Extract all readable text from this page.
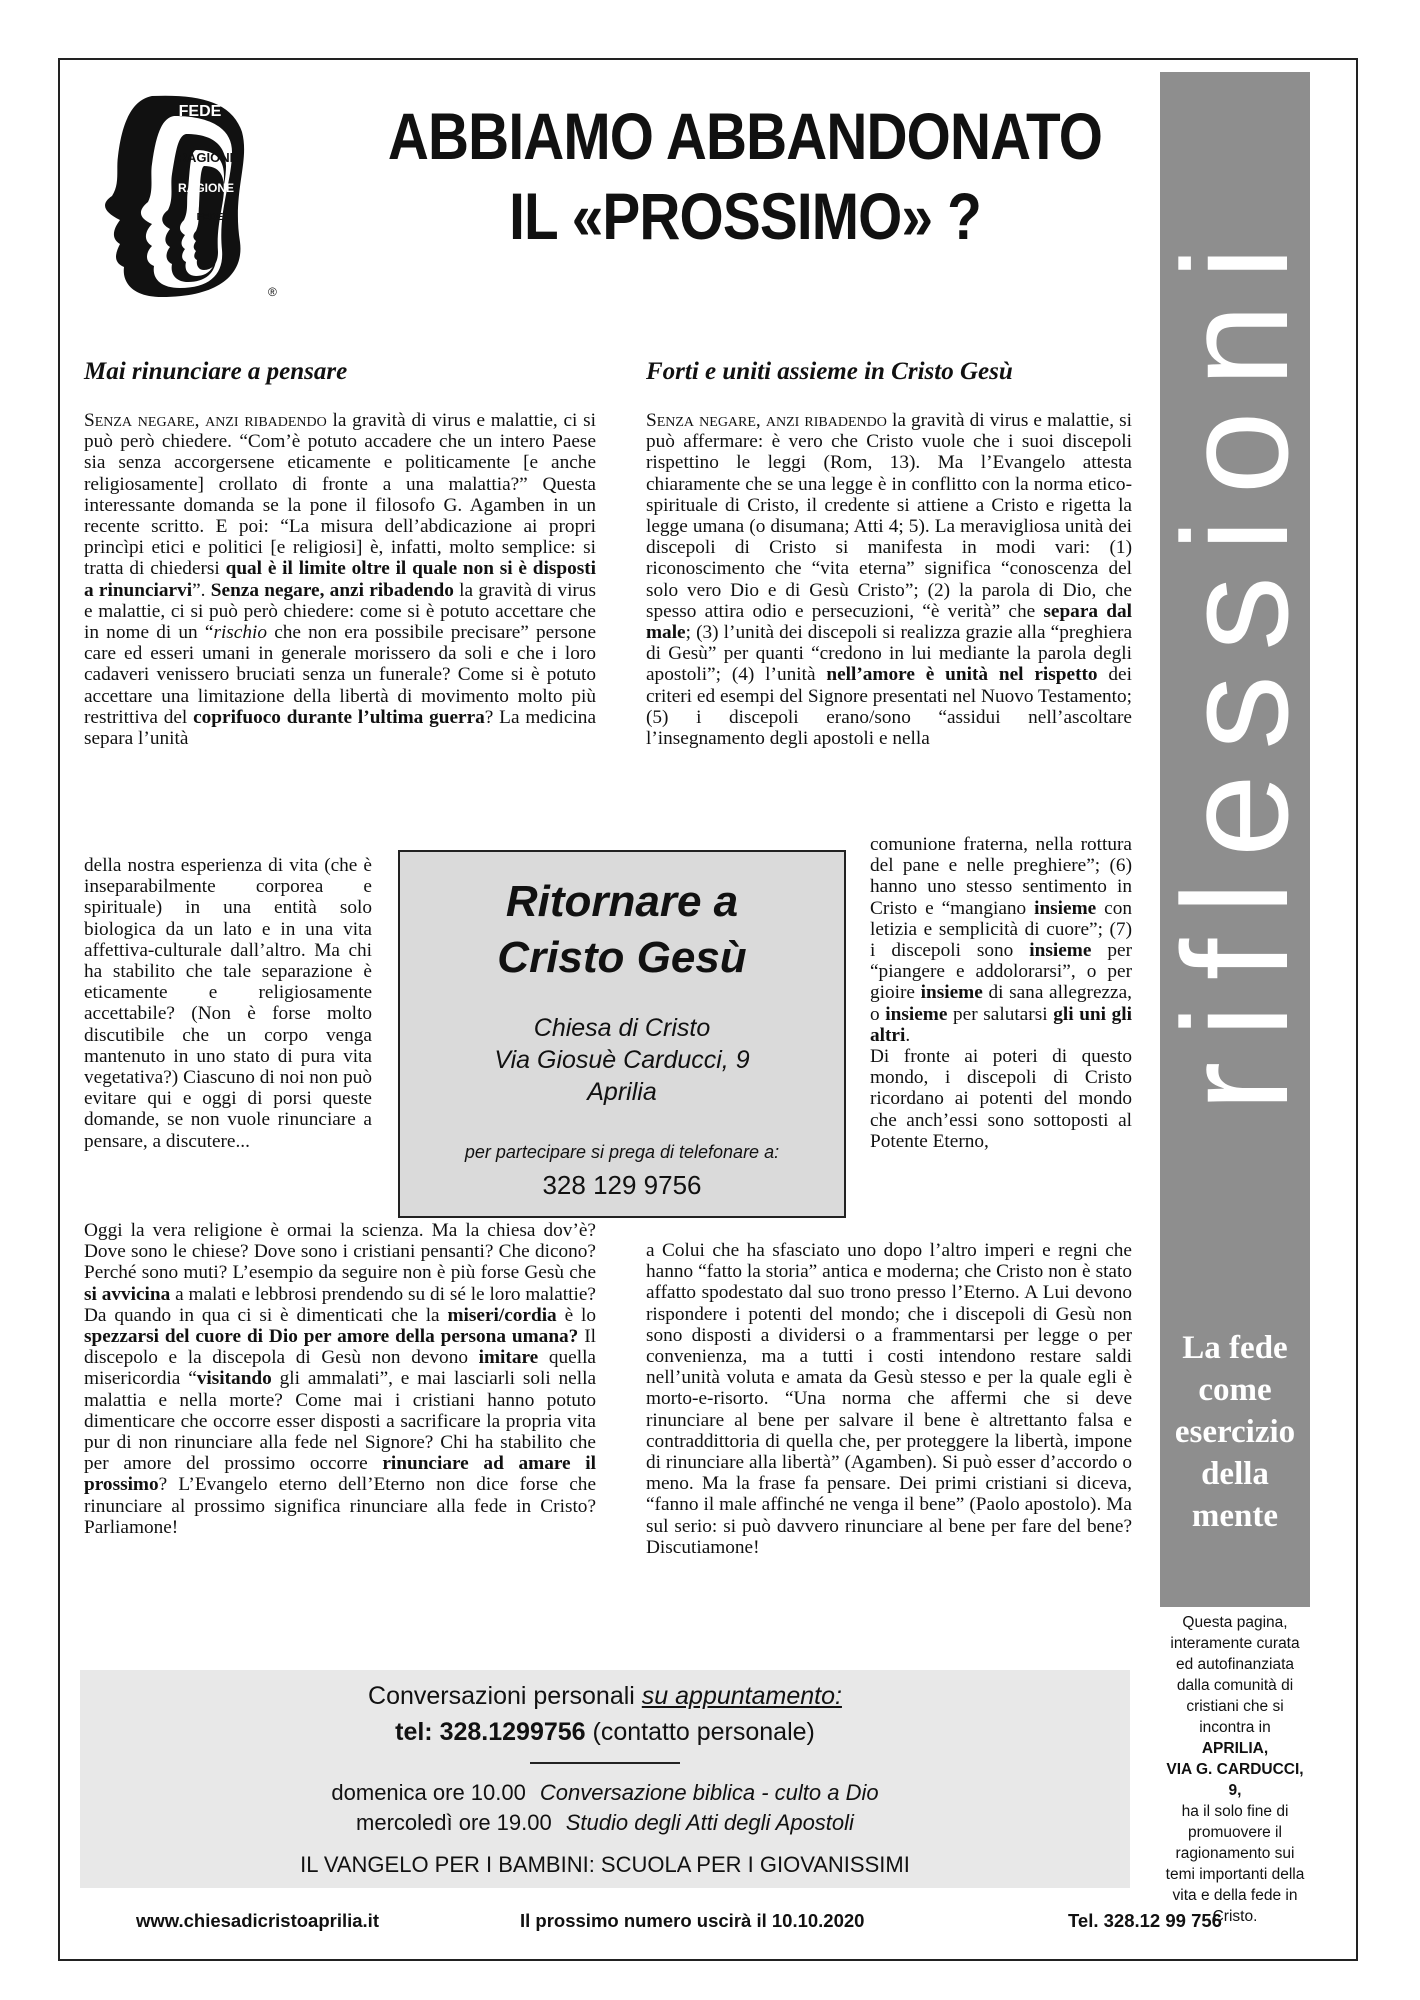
FEDE
RAGIONE
RAGIONE
FEDE
®
ABBIAMO ABBANDONATO
IL «PROSSIMO» ?
riflessioni
La fede
come
esercizio
della
mente
Questa pagina, interamente curata ed autofinanziata dalla comunità di cristiani che si incontra in
APRILIA,
VIA G. CARDUCCI, 9,
ha il solo fine di promuovere il ragionamento sui temi importanti della vita e della fede in Cristo.
Mai rinunciare a pensare	Forti e uniti assieme in Cristo Gesù

Senza negare, anzi ribadendo la gravità di virus e malattie, ci si può però chiedere. “Com’è potuto accadere che un intero Paese sia senza accorgersene eticamente e politicamente [e anche religiosamente] crollato di fronte a una malattia?” Questa interessante domanda se la pone il filosofo G. Agamben in un recente scritto. E poi: “La misura dell’abdicazione ai propri princìpi etici e politici [e religiosi] è, infatti, molto semplice: si tratta di chiedersi qual è il limite oltre il quale non si è disposti a rinunciarvi”. Senza negare, anzi ribadendo la gravità di virus e malattie, ci si può però chiedere: come si è potuto accettare che in nome di un “rischio che non era possibile precisare” persone care ed esseri umani in generale morissero da soli e che i loro cadaveri venissero bruciati senza un funerale? Come si è potuto accettare una limitazione della libertà di movimento molto più restrittiva del coprifuoco durante l’ultima guerra? La medicina separa l’unità

della nostra esperienza di vita (che è inseparabilmente corporea e spirituale) in una entità solo biologica da un lato e in una vita affettiva-culturale dall’altro. Ma chi ha stabilito che tale separazione è eticamente e religiosamente accettabile? (Non è forse molto discutibile che un corpo venga mantenuto in uno stato di pura vita vegetativa?) Ciascuno di noi non può evitare qui e oggi di porsi queste domande, se non vuole rinunciare a pensare, a discutere...

Oggi la vera religione è ormai la scienza. Ma la chiesa dov’è? Dove sono le chiese? Dove sono i cristiani pensanti? Che dicono? Perché sono muti? L’esempio da seguire non è più forse Gesù che si avvicina a malati e lebbrosi prendendo su di sé le loro malattie? Da quando in qua ci si è dimenticati che la miseri/cordia è lo spezzarsi del cuore di Dio per amore della persona umana? Il discepolo e la discepola di Gesù non devono imitare quella misericordia “visitando gli ammalati”, e mai lasciarli soli nella malattia e nella morte? Come mai i cristiani hanno potuto dimenticare che occorre esser disposti a sacrificare la propria vita pur di non rinunciare alla fede nel Signore? Chi ha stabilito che per amore del prossimo occorre rinunciare ad amare il prossimo? L’Evangelo eterno dell’Eterno non dice forse che rinunciare al prossimo significa rinunciare alla fede in Cristo? Parliamone!

Senza negare, anzi ribadendo la gravità di virus e malattie, si può affermare: è vero che Cristo vuole che i suoi discepoli rispettino le leggi (Rom, 13). Ma l’Evangelo attesta chiaramente che se una legge è in conflitto con la norma etico-spirituale di Cristo, il credente si attiene a Cristo e rigetta la legge umana (o disumana; Atti 4; 5). La meravigliosa unità dei discepoli di Cristo si manifesta in modi vari: (1) riconoscimento che “vita eterna” significa “conoscenza del solo vero Dio e di Gesù Cristo”; (2) la parola di Dio, che spesso attira odio e persecuzioni, “è verità” che separa dal male; (3) l’unità dei discepoli si realizza grazie alla “preghiera di Gesù” per quanti “credono in lui mediante la parola degli apostoli”; (4) l’unità nell’amore è unità nel rispetto dei criteri ed esempi del Signore presentati nel Nuovo Testamento; (5) i discepoli erano/sono “assidui nell’ascoltare l’insegnamento degli apostoli e nella

comunione fraterna, nella rottura del pane e nelle preghiere”; (6) hanno uno stesso sentimento in Cristo e “mangiano insieme con letizia e semplicità di cuore”; (7) i discepoli sono insieme per “piangere e addolorarsi”, o per gioire insieme di sana allegrezza, o insieme per salutarsi gli uni gli altri.
Di fronte ai poteri di questo mondo, i discepoli di Cristo ricordano ai potenti del mondo che anch’essi sono sottoposti al Potente Eterno,

a Colui che ha sfasciato uno dopo l’altro imperi e regni che hanno “fatto la storia” antica e moderna; che Cristo non è stato affatto spodestato dal suo trono presso l’Eterno. A Lui devono rispondere i potenti del mondo; che i discepoli di Gesù non sono disposti a dividersi o a frammentarsi per legge o per convenienza, ma a tutti i costi intendono restare saldi nell’unità voluta e amata da Gesù stesso e per la quale egli è morto-e-risorto. “Una norma che affermi che si deve rinunciare al bene per salvare il bene è altrettanto falsa e contraddittoria di quella che, per proteggere la libertà, impone di rinunciare alla libertà” (Agamben). Si può esser d’accordo o meno. Ma la frase fa pensare. Dei primi cristiani si diceva, “fanno il male affinché ne venga il bene” (Paolo apostolo). Ma sul serio: si può davvero rinunciare al bene per fare del bene? Discutiamone!

Ritornare a
Cristo Gesù
Chiesa di Cristo
Via Giosuè Carducci, 9
Aprilia
per partecipare si prega di telefonare a:
328 129 9756
Conversazioni personali su appuntamento:
tel: 328.1299756 (contatto personale)
domenica ore 10.00 Conversazione biblica - culto a Dio
mercoledì ore 19.00 Studio degli Atti degli Apostoli
IL VANGELO PER I BAMBINI: SCUOLA PER I GIOVANISSIMI
www.chiesadicristoaprilia.it	Il prossimo numero uscirà il 10.10.2020	Tel. 328.12 99 756
